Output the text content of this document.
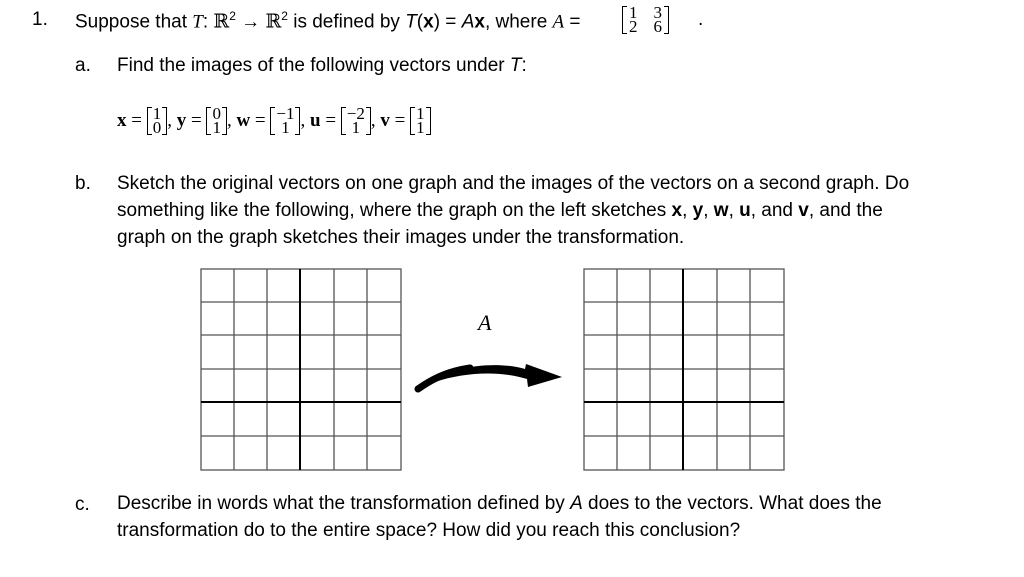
1. Suppose that T: ℝ$^2$ → ℝ$^2$ is defined by T(x) = Ax, where A =	1
2
3
6 .
a. Find the images of the following vectors under T:
x
=
1
0 ,
y
=
0
1 ,
w
=
−1
1 ,
u
=
−2
1 ,
v
=
1
1
b. Sketch the original vectors on one graph and the images of the vectors on a second graph. Do
something like the following, where the graph on the left sketches x, y, w, u, and v, and the
graph on the graph sketches their images under the transformation.
A
c. Describe in words what the transformation defined by A does to the vectors. What does the
transformation do to the entire space? How did you reach this conclusion?
